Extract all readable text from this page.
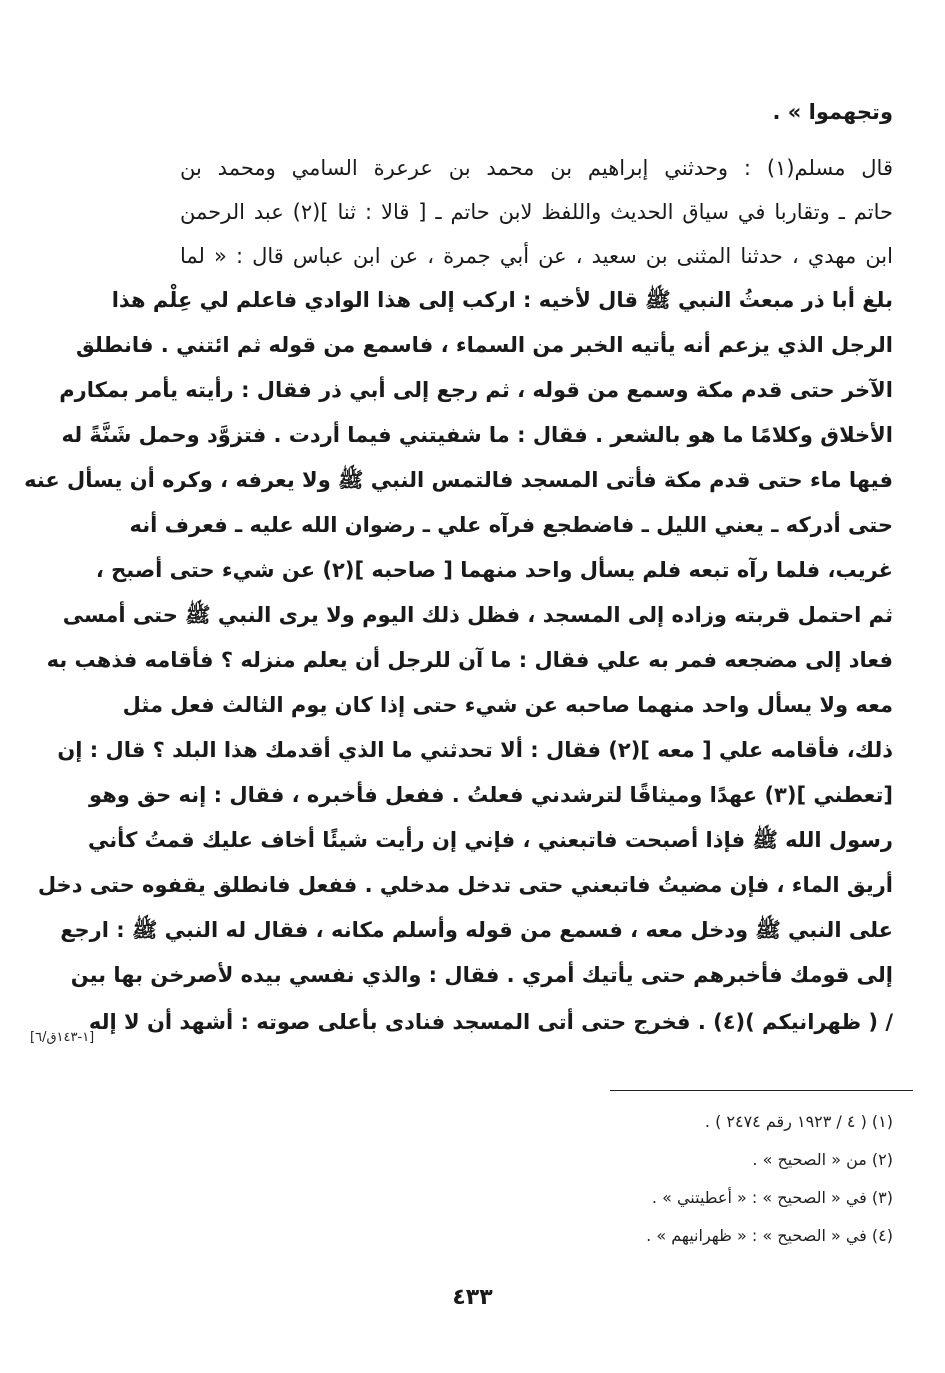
وتجهموا » .
قال مسلم(١) : وحدثني إبراهيم بن محمد بن عرعرة السامي ومحمد بن
حاتم ـ وتقاربا في سياق الحديث واللفظ لابن حاتم ـ [ قالا : ثنا ](٢) عبد الرحمن
ابن مهدي ، حدثنا المثنى بن سعيد ، عن أبي جمرة ، عن ابن عباس قال : « لما
بلغ أبا ذر مبعثُ النبي ﷺ قال لأخيه : اركب إلى هذا الوادي فاعلم لي عِلْم هذا
الرجل الذي يزعم أنه يأتيه الخبر من السماء ، فاسمع من قوله ثم ائتني . فانطلق
الآخر حتى قدم مكة وسمع من قوله ، ثم رجع إلى أبي ذر فقال : رأيته يأمر بمكارم
الأخلاق وكلامًا ما هو بالشعر . فقال : ما شفيتني فيما أردت . فتزوَّد وحمل شَنَّةً له
فيها ماء حتى قدم مكة فأتى المسجد فالتمس النبي ﷺ ولا يعرفه ، وكره أن يسأل عنه
حتى أدركه ـ يعني الليل ـ فاضطجع فرآه علي ـ رضوان الله عليه ـ فعرف أنه
غريب، فلما رآه تبعه فلم يسأل واحد منهما [ صاحبه ](٢) عن شيء حتى أصبح ،
ثم احتمل قربته وزاده إلى المسجد ، فظل ذلك اليوم ولا يرى النبي ﷺ حتى أمسى
فعاد إلى مضجعه فمر به علي فقال : ما آن للرجل أن يعلم منزله ؟ فأقامه فذهب به
معه ولا يسأل واحد منهما صاحبه عن شيء حتى إذا كان يوم الثالث فعل مثل
ذلك، فأقامه علي [ معه ](٢) فقال : ألا تحدثني ما الذي أقدمك هذا البلد ؟ قال : إن
[تعطني ](٣) عهدًا وميثاقًا لترشدني فعلتُ . ففعل فأخبره ، فقال : إنه حق وهو
رسول الله ﷺ فإذا أصبحت فاتبعني ، فإني إن رأيت شيئًا أخاف عليك قمتُ كأني
أريق الماء ، فإن مضيتُ فاتبعني حتى تدخل مدخلي . ففعل فانطلق يقفوه حتى دخل
على النبي ﷺ ودخل معه ، فسمع من قوله وأسلم مكانه ، فقال له النبي ﷺ : ارجع
إلى قومك فأخبرهم حتى يأتيك أمري . فقال : والذي نفسي بيده لأصرخن بها بين
/ ( ظهرانيكم )(٤) . فخرج حتى أتى المسجد فنادى بأعلى صوته : أشهد أن لا إله
[١-١٤٣ق/٦]
(١) ( ٤ / ١٩٢٣ رقم ٢٤٧٤ ) .
(٢) من « الصحيح » .
(٣) في « الصحيح » : « أعطيتني » .
(٤) في « الصحيح » : « ظهرانيهم » .
٤٣٣
